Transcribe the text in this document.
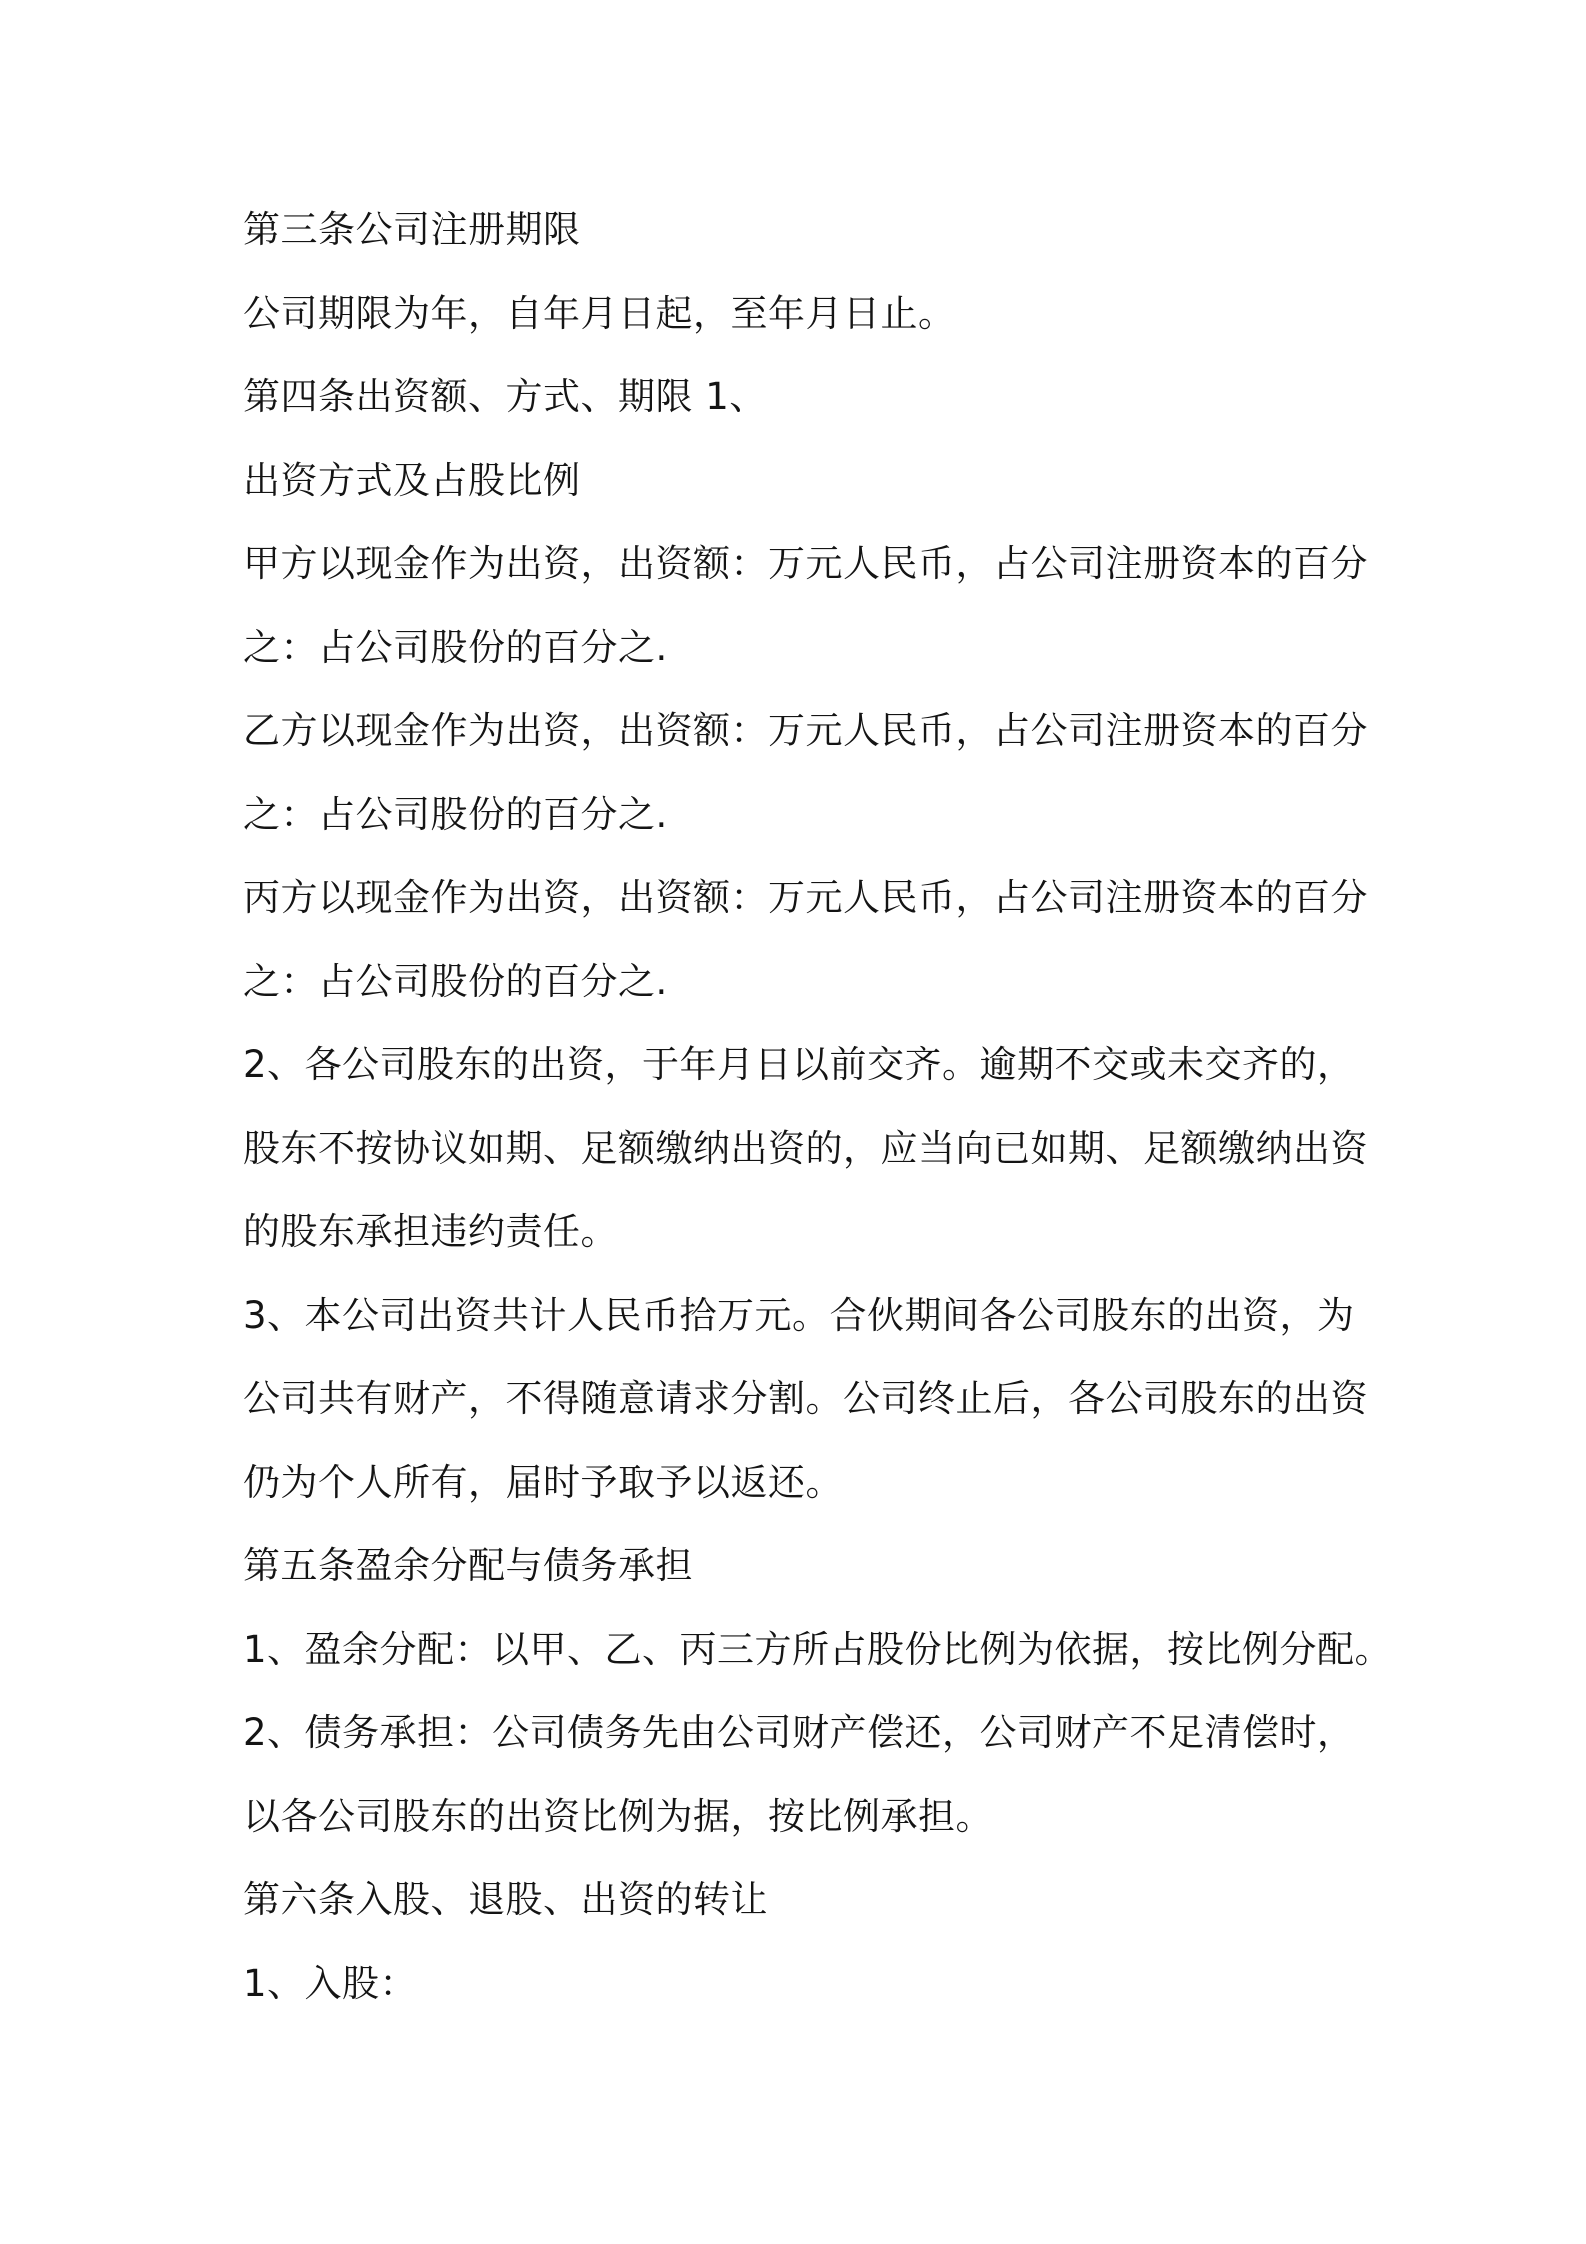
第三条公司注册期限
公司期限为年，自年月日起，至年月日止。
第四条出资额、方式、期限 1、
出资方式及占股比例
甲方以现金作为出资，出资额：万元人民币，占公司注册资本的百分
之：占公司股份的百分之.
乙方以现金作为出资，出资额：万元人民币，占公司注册资本的百分
之：占公司股份的百分之.
丙方以现金作为出资，出资额：万元人民币，占公司注册资本的百分
之：占公司股份的百分之.
2、各公司股东的出资，于年月日以前交齐。逾期不交或未交齐的，
股东不按协议如期、足额缴纳出资的，应当向已如期、足额缴纳出资
的股东承担违约责任。
3、本公司出资共计人民币拾万元。合伙期间各公司股东的出资，为
公司共有财产，不得随意请求分割。公司终止后，各公司股东的出资
仍为个人所有，届时予取予以返还。
第五条盈余分配与债务承担
1、盈余分配：以甲、乙、丙三方所占股份比例为依据，按比例分配。
2、债务承担：公司债务先由公司财产偿还，公司财产不足清偿时，
以各公司股东的出资比例为据，按比例承担。
第六条入股、退股、出资的转让
1、入股：
